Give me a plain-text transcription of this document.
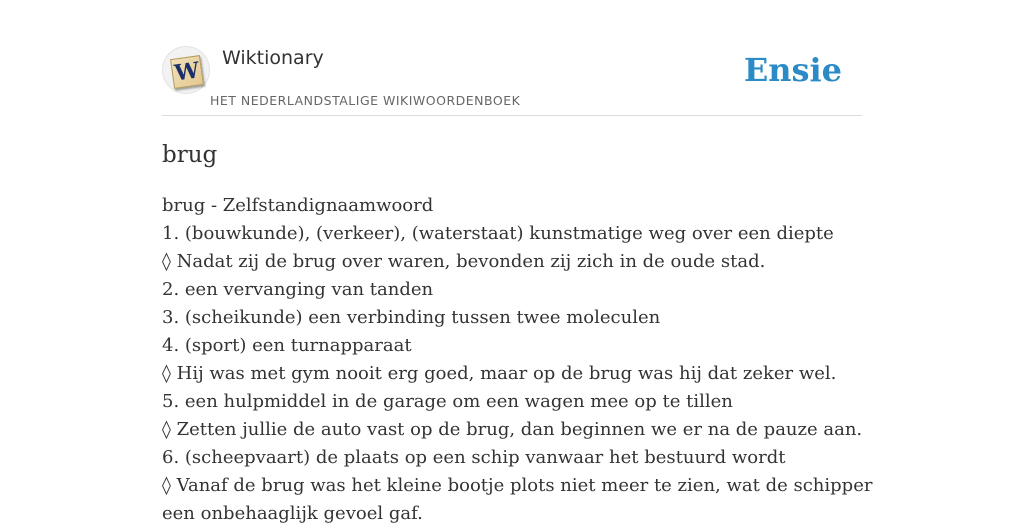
W Wiktionary
HET NEDERLANDSTALIGE WIKIWOORDENBOEK
Ensie
brug
brug - Zelfstandignaamwoord
1. (bouwkunde), (verkeer), (waterstaat) kunstmatige weg over een diepte
◊ Nadat zij de brug over waren, bevonden zij zich in de oude stad.
2. een vervanging van tanden
3. (scheikunde) een verbinding tussen twee moleculen
4. (sport) een turnapparaat
◊ Hij was met gym nooit erg goed, maar op de brug was hij dat zeker wel.
5. een hulpmiddel in de garage om een wagen mee op te tillen
◊ Zetten jullie de auto vast op de brug, dan beginnen we er na de pauze aan.
6. (scheepvaart) de plaats op een schip vanwaar het bestuurd wordt
◊ Vanaf de brug was het kleine bootje plots niet meer te zien, wat de schipper
een onbehaaglijk gevoel gaf.
